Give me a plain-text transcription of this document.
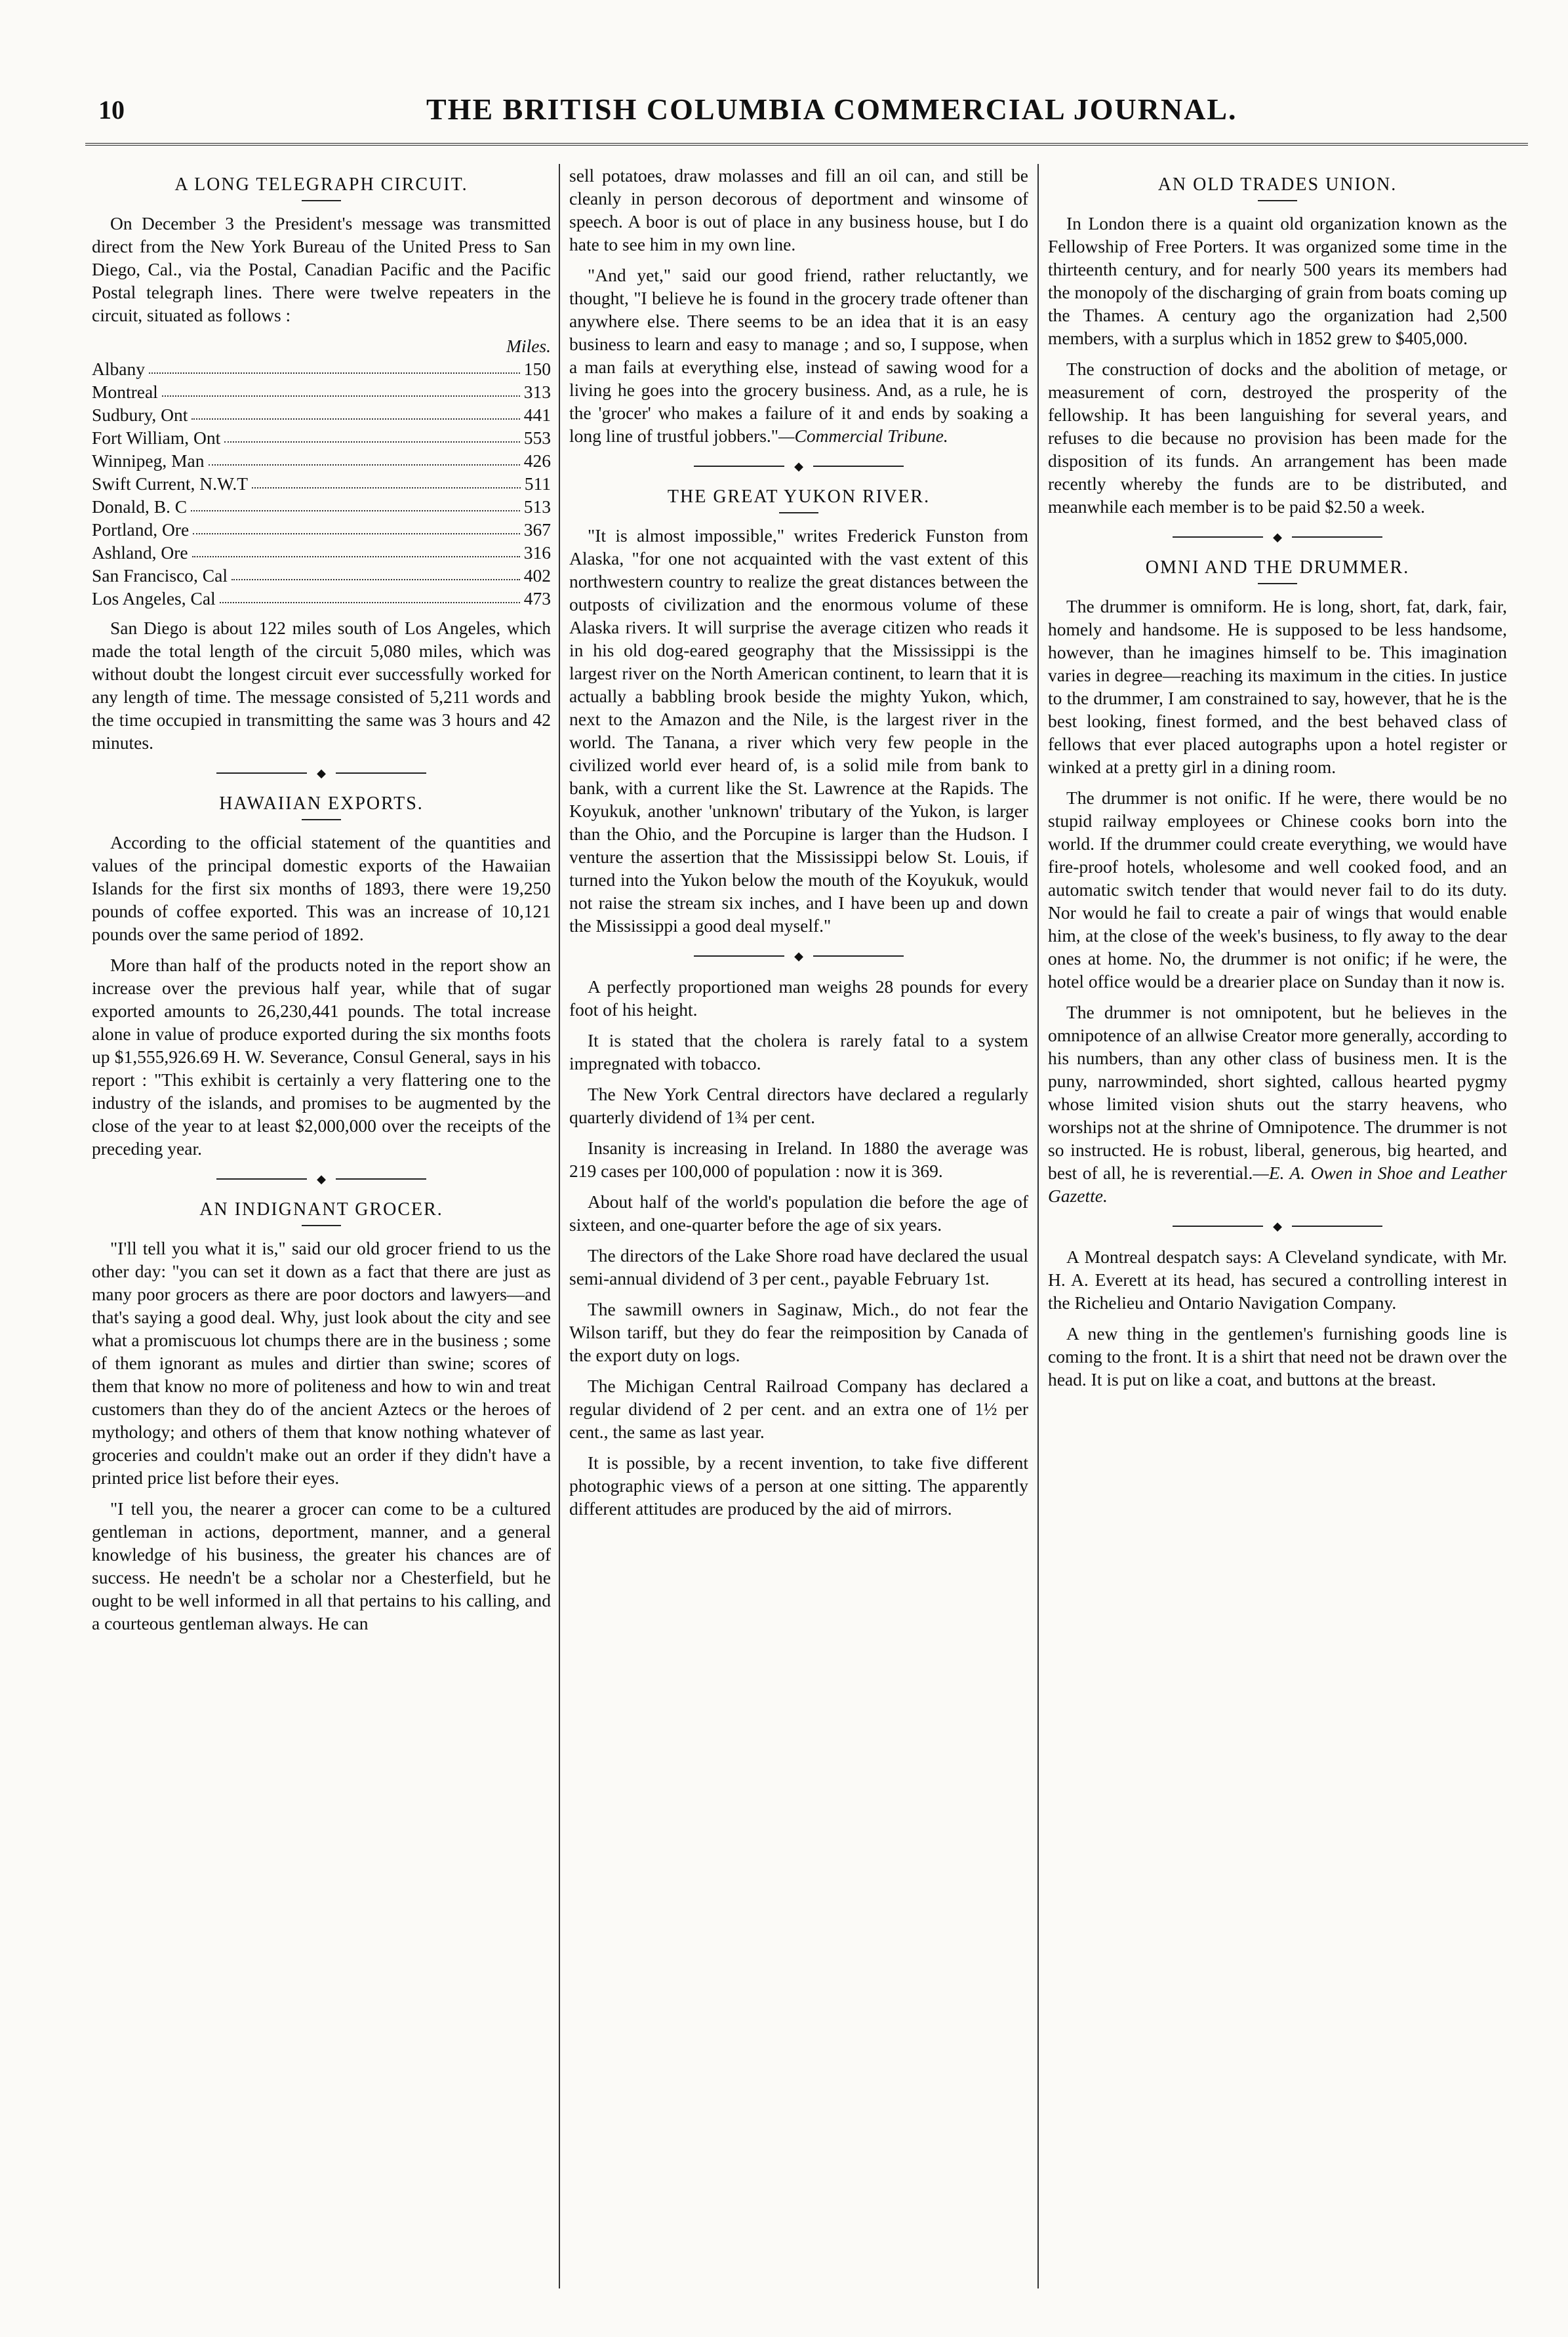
10	THE BRITISH COLUMBIA COMMERCIAL JOURNAL.
A LONG TELEGRAPH CIRCUIT.

On December 3 the President's message was transmitted direct from the New York Bureau of the United Press to San Diego, Cal., via the Postal, Canadian Pacific and the Pacific Postal telegraph lines. There were twelve repeaters in the circuit, situated as follows :

Miles.
Albany	150
Montreal	313
Sudbury, Ont	441
Fort William, Ont	553
Winnipeg, Man	426
Swift Current, N.W.T	511
Donald, B. C	513
Portland, Ore	367
Ashland, Ore	316
San Francisco, Cal	402
Los Angeles, Cal	473

San Diego is about 122 miles south of Los Angeles, which made the total length of the circuit 5,080 miles, which was without doubt the longest circuit ever successfully worked for any length of time. The message consisted of 5,211 words and the time occupied in transmitting the same was 3 hours and 42 minutes.

◆
HAWAIIAN EXPORTS.

According to the official statement of the quantities and values of the principal domestic exports of the Hawaiian Islands for the first six months of 1893, there were 19,250 pounds of coffee exported. This was an increase of 10,121 pounds over the same period of 1892.

More than half of the products noted in the report show an increase over the previous half year, while that of sugar exported amounts to 26,230,441 pounds. The total increase alone in value of produce exported during the six months foots up $1,555,926.69 H. W. Severance, Consul General, says in his report : "This exhibit is certainly a very flattering one to the industry of the islands, and promises to be augmented by the close of the year to at least $2,000,000 over the receipts of the preceding year.

◆
AN INDIGNANT GROCER.

"I'll tell you what it is," said our old grocer friend to us the other day: "you can set it down as a fact that there are just as many poor grocers as there are poor doctors and lawyers—and that's saying a good deal. Why, just look about the city and see what a promiscuous lot chumps there are in the business ; some of them ignorant as mules and dirtier than swine; scores of them that know no more of politeness and how to win and treat customers than they do of the ancient Aztecs or the heroes of mythology; and others of them that know nothing whatever of groceries and couldn't make out an order if they didn't have a printed price list before their eyes.

"I tell you, the nearer a grocer can come to be a cultured gentleman in actions, deportment, manner, and a general knowledge of his business, the greater his chances are of success. He needn't be a scholar nor a Chesterfield, but he ought to be well informed in all that pertains to his calling, and a courteous gentleman always. He can

sell potatoes, draw molasses and fill an oil can, and still be cleanly in person decorous of deportment and winsome of speech. A boor is out of place in any business house, but I do hate to see him in my own line.

"And yet," said our good friend, rather reluctantly, we thought, "I believe he is found in the grocery trade oftener than anywhere else. There seems to be an idea that it is an easy business to learn and easy to manage ; and so, I suppose, when a man fails at everything else, instead of sawing wood for a living he goes into the grocery business. And, as a rule, he is the 'grocer' who makes a failure of it and ends by soaking a long line of trustful jobbers."—Commercial Tribune.

◆
THE GREAT YUKON RIVER.

"It is almost impossible," writes Frederick Funston from Alaska, "for one not acquainted with the vast extent of this northwestern country to realize the great distances between the outposts of civilization and the enormous volume of these Alaska rivers. It will surprise the average citizen who reads it in his old dog-eared geography that the Mississippi is the largest river on the North American continent, to learn that it is actually a babbling brook beside the mighty Yukon, which, next to the Amazon and the Nile, is the largest river in the world. The Tanana, a river which very few people in the civilized world ever heard of, is a solid mile from bank to bank, with a current like the St. Lawrence at the Rapids. The Koyukuk, another 'unknown' tributary of the Yukon, is larger than the Ohio, and the Porcupine is larger than the Hudson. I venture the assertion that the Mississippi below St. Louis, if turned into the Yukon below the mouth of the Koyukuk, would not raise the stream six inches, and I have been up and down the Mississippi a good deal myself."

◆

A perfectly proportioned man weighs 28 pounds for every foot of his height.

It is stated that the cholera is rarely fatal to a system impregnated with tobacco.

The New York Central directors have declared a regularly quarterly dividend of 1¾ per cent.

Insanity is increasing in Ireland. In 1880 the average was 219 cases per 100,000 of population : now it is 369.

About half of the world's population die before the age of sixteen, and one-quarter before the age of six years.

The directors of the Lake Shore road have declared the usual semi-annual dividend of 3 per cent., payable February 1st.

The sawmill owners in Saginaw, Mich., do not fear the Wilson tariff, but they do fear the reimposition by Canada of the export duty on logs.

The Michigan Central Railroad Company has declared a regular dividend of 2 per cent. and an extra one of 1½ per cent., the same as last year.

It is possible, by a recent invention, to take five different photographic views of a person at one sitting. The apparently different attitudes are produced by the aid of mirrors.

AN OLD TRADES UNION.

In London there is a quaint old organization known as the Fellowship of Free Porters. It was organized some time in the thirteenth century, and for nearly 500 years its members had the monopoly of the discharging of grain from boats coming up the Thames. A century ago the organization had 2,500 members, with a surplus which in 1852 grew to $405,000.

The construction of docks and the abolition of metage, or measurement of corn, destroyed the prosperity of the fellowship. It has been languishing for several years, and refuses to die because no provision has been made for the disposition of its funds. An arrangement has been made recently whereby the funds are to be distributed, and meanwhile each member is to be paid $2.50 a week.

◆
OMNI AND THE DRUMMER.

The drummer is omniform. He is long, short, fat, dark, fair, homely and handsome. He is supposed to be less handsome, however, than he imagines himself to be. This imagination varies in degree—reaching its maximum in the cities. In justice to the drummer, I am constrained to say, however, that he is the best looking, finest formed, and the best behaved class of fellows that ever placed autographs upon a hotel register or winked at a pretty girl in a dining room.

The drummer is not onific. If he were, there would be no stupid railway employees or Chinese cooks born into the world. If the drummer could create everything, we would have fire-proof hotels, wholesome and well cooked food, and an automatic switch tender that would never fail to do its duty. Nor would he fail to create a pair of wings that would enable him, at the close of the week's business, to fly away to the dear ones at home. No, the drummer is not onific; if he were, the hotel office would be a drearier place on Sunday than it now is.

The drummer is not omnipotent, but he believes in the omnipotence of an allwise Creator more generally, according to his numbers, than any other class of business men. It is the puny, narrowminded, short sighted, callous hearted pygmy whose limited vision shuts out the starry heavens, who worships not at the shrine of Omnipotence. The drummer is not so instructed. He is robust, liberal, generous, big hearted, and best of all, he is reverential.—E. A. Owen in Shoe and Leather Gazette.

◆

A Montreal despatch says: A Cleveland syndicate, with Mr. H. A. Everett at its head, has secured a controlling interest in the Richelieu and Ontario Navigation Company.

A new thing in the gentlemen's furnishing goods line is coming to the front. It is a shirt that need not be drawn over the head. It is put on like a coat, and buttons at the breast.
